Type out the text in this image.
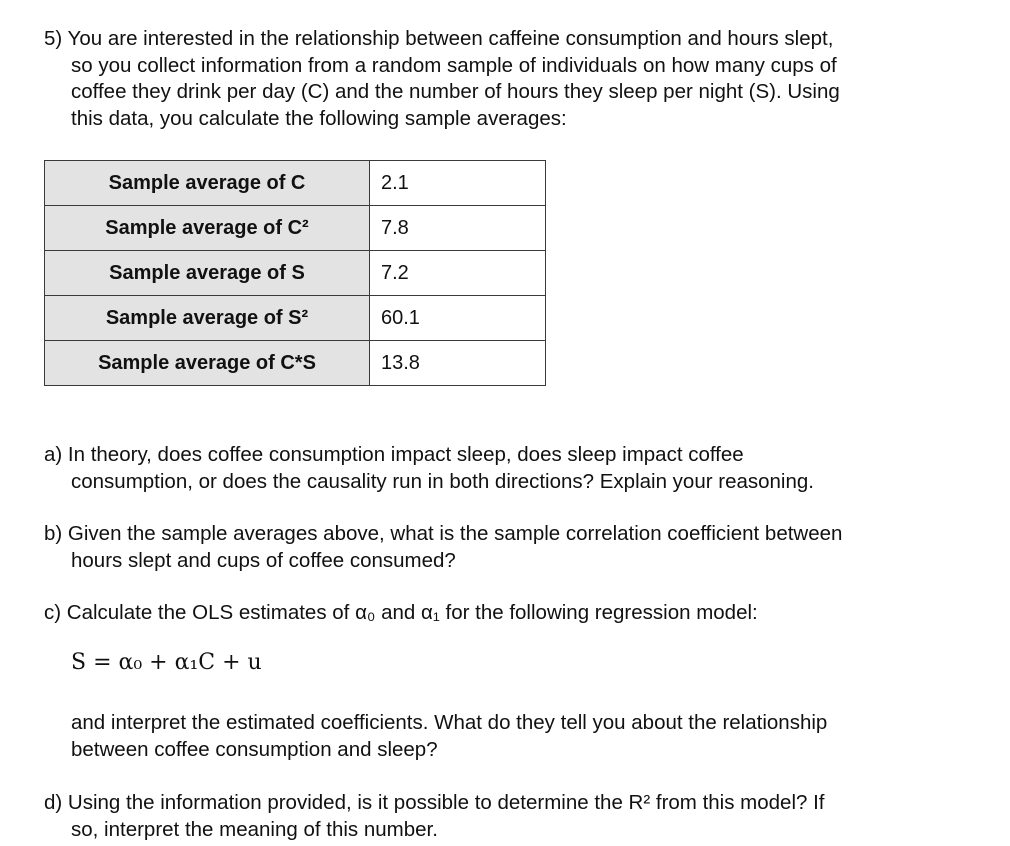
5) You are interested in the relationship between caffeine consumption and hours slept,
so you collect information from a random sample of individuals on how many cups of
coffee they drink per day (C) and the number of hours they sleep per night (S). Using
this data, you calculate the following sample averages:
Sample average of C	2.1
Sample average of C²	7.8
Sample average of S	7.2
Sample average of S²	60.1
Sample average of C*S	13.8
a) In theory, does coffee consumption impact sleep, does sleep impact coffee
consumption, or does the causality run in both directions? Explain your reasoning.
b) Given the sample averages above, what is the sample correlation coefficient between
hours slept and cups of coffee consumed?
c) Calculate the OLS estimates of α₀ and α₁ for the following regression model:
S = α₀ + α₁C + u
and interpret the estimated coefficients. What do they tell you about the relationship
between coffee consumption and sleep?
d) Using the information provided, is it possible to determine the R² from this model? If
so, interpret the meaning of this number.
